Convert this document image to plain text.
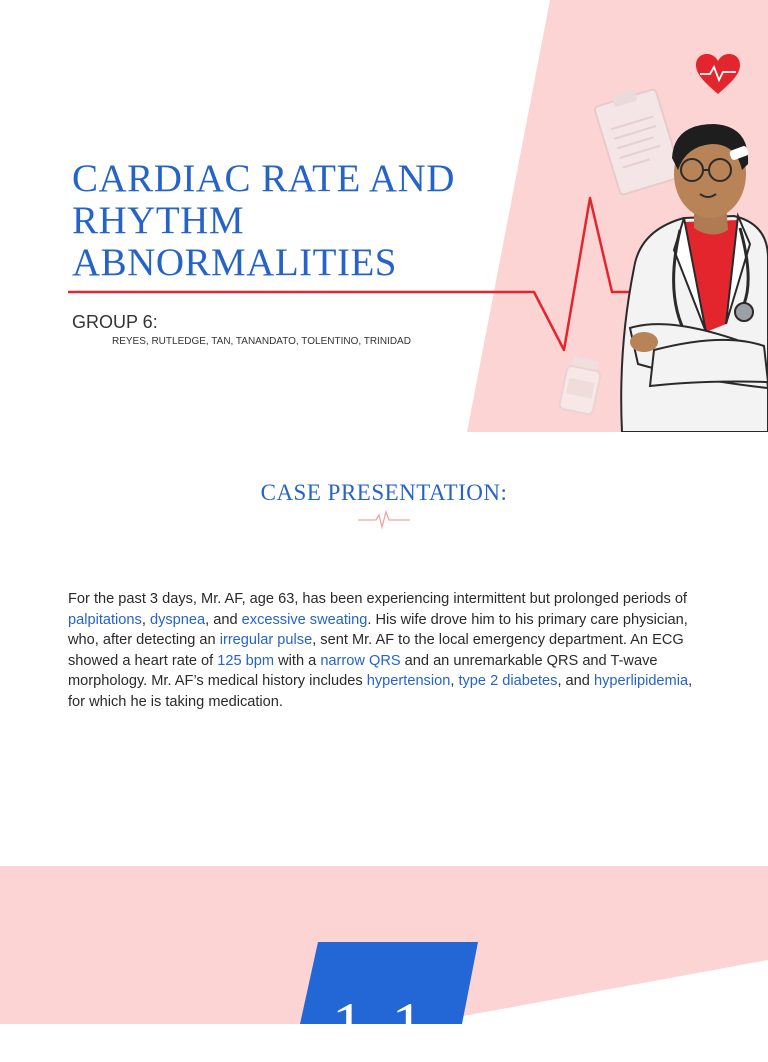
CARDIAC RATE AND
RHYTHM
ABNORMALITIES
GROUP 6:
REYES, RUTLEDGE, TAN, TANANDATO, TOLENTINO, TRINIDAD
CASE PRESENTATION:

For the past 3 days, Mr. AF, age 63, has been experiencing intermittent but prolonged periods of palpitations, dyspnea, and excessive sweating. His wife drove him to his primary care physician, who, after detecting an irregular pulse, sent Mr. AF to the local emergency department. An ECG showed a heart rate of 125 bpm with a narrow QRS and an unremarkable QRS and T-wave morphology. Mr. AF’s medical history includes hypertension, type 2 diabetes, and hyperlipidemia, for which he is taking medication.

11
